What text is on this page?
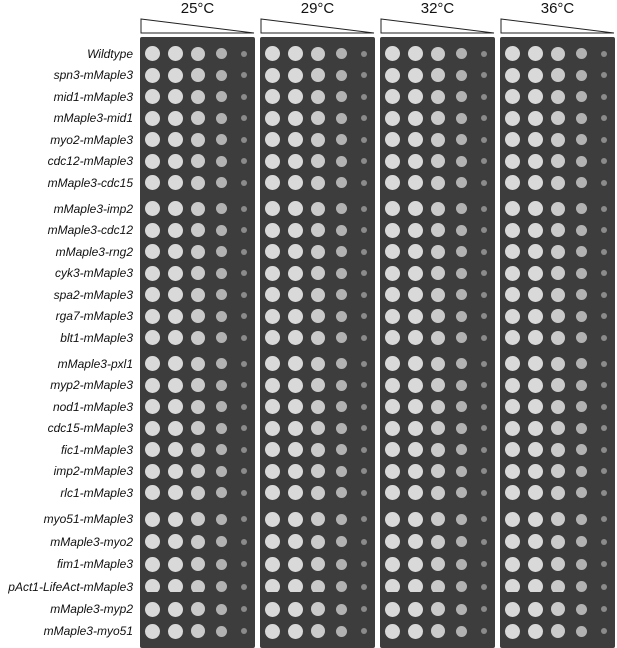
25°C	29°C	32°C	36°C
Wildtype
spn3-mMaple3
mid1-mMaple3
mMaple3-mid1
myo2-mMaple3
cdc12-mMaple3
mMaple3-cdc15
mMaple3-imp2
mMaple3-cdc12
mMaple3-rng2
cyk3-mMaple3
spa2-mMaple3
rga7-mMaple3
blt1-mMaple3
mMaple3-pxl1
myp2-mMaple3
nod1-mMaple3
cdc15-mMaple3
fic1-mMaple3
imp2-mMaple3
rlc1-mMaple3
myo51-mMaple3
mMaple3-myo2
fim1-mMaple3
pAct1-LifeAct-mMaple3
mMaple3-myp2
mMaple3-myo51
